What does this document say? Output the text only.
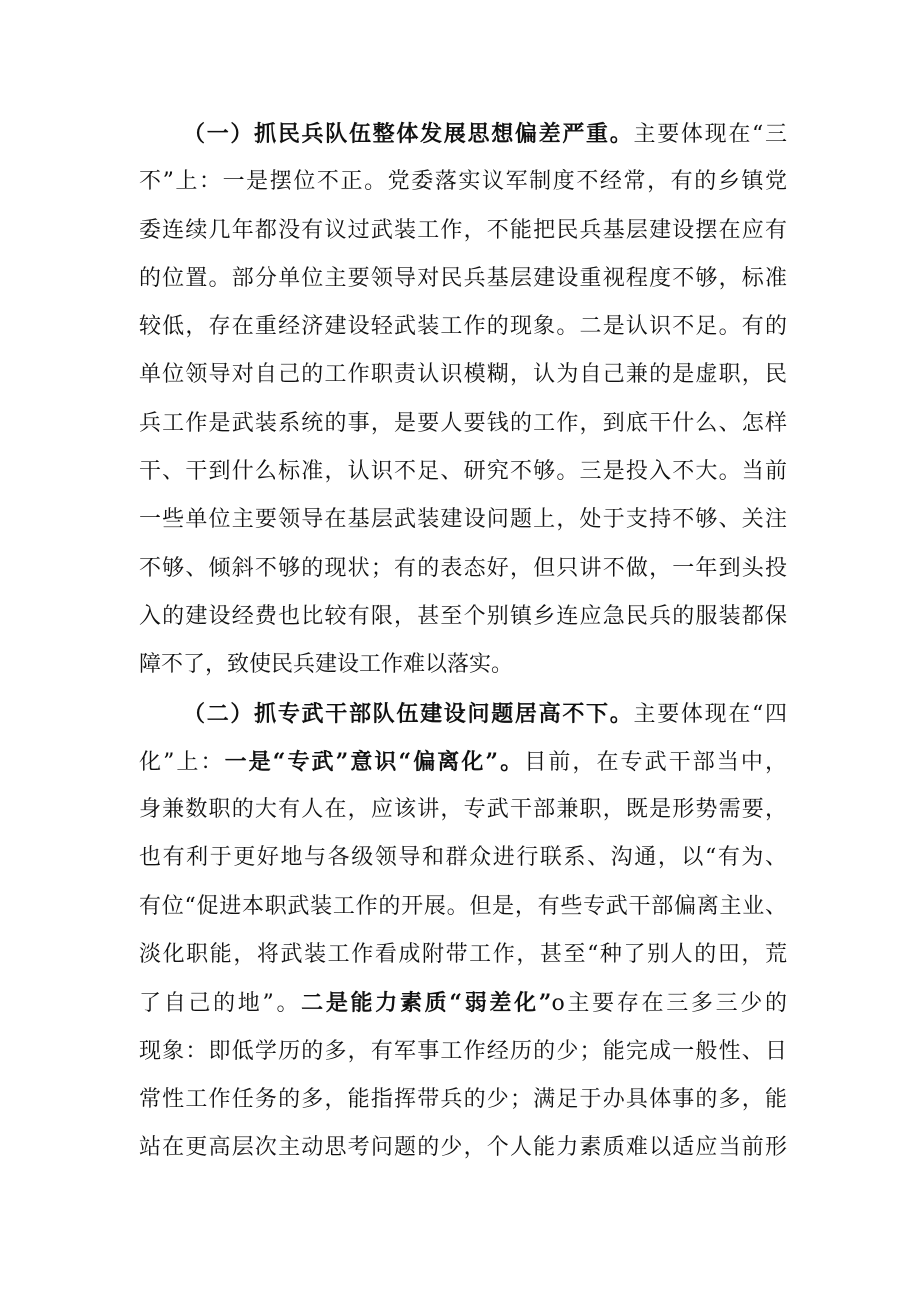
（一）抓民兵队伍整体发展思想偏差严重。主要体现在“三
不”上：一是摆位不正。党委落实议军制度不经常，有的乡镇党
委连续几年都没有议过武装工作，不能把民兵基层建设摆在应有
的位置。部分单位主要领导对民兵基层建设重视程度不够，标准
较低，存在重经济建设轻武装工作的现象。二是认识不足。有的
单位领导对自己的工作职责认识模糊，认为自己兼的是虚职，民
兵工作是武装系统的事，是要人要钱的工作，到底干什么、怎样
干、干到什么标准，认识不足、研究不够。三是投入不大。当前
一些单位主要领导在基层武装建设问题上，处于支持不够、关注
不够、倾斜不够的现状；有的表态好，但只讲不做，一年到头投
入的建设经费也比较有限，甚至个别镇乡连应急民兵的服装都保
障不了，致使民兵建设工作难以落实。
（二）抓专武干部队伍建设问题居高不下。主要体现在“四
化”上：一是“专武”意识“偏离化”。目前，在专武干部当中，
身兼数职的大有人在，应该讲，专武干部兼职，既是形势需要，
也有利于更好地与各级领导和群众进行联系、沟通，以“有为、
有位“促进本职武装工作的开展。但是，有些专武干部偏离主业、
淡化职能，将武装工作看成附带工作，甚至“种了别人的田，荒
了自己的地”。二是能力素质“弱差化”o主要存在三多三少的
现象：即低学历的多，有军事工作经历的少；能完成一般性、日
常性工作任务的多，能指挥带兵的少；满足于办具体事的多，能
站在更高层次主动思考问题的少，个人能力素质难以适应当前形
